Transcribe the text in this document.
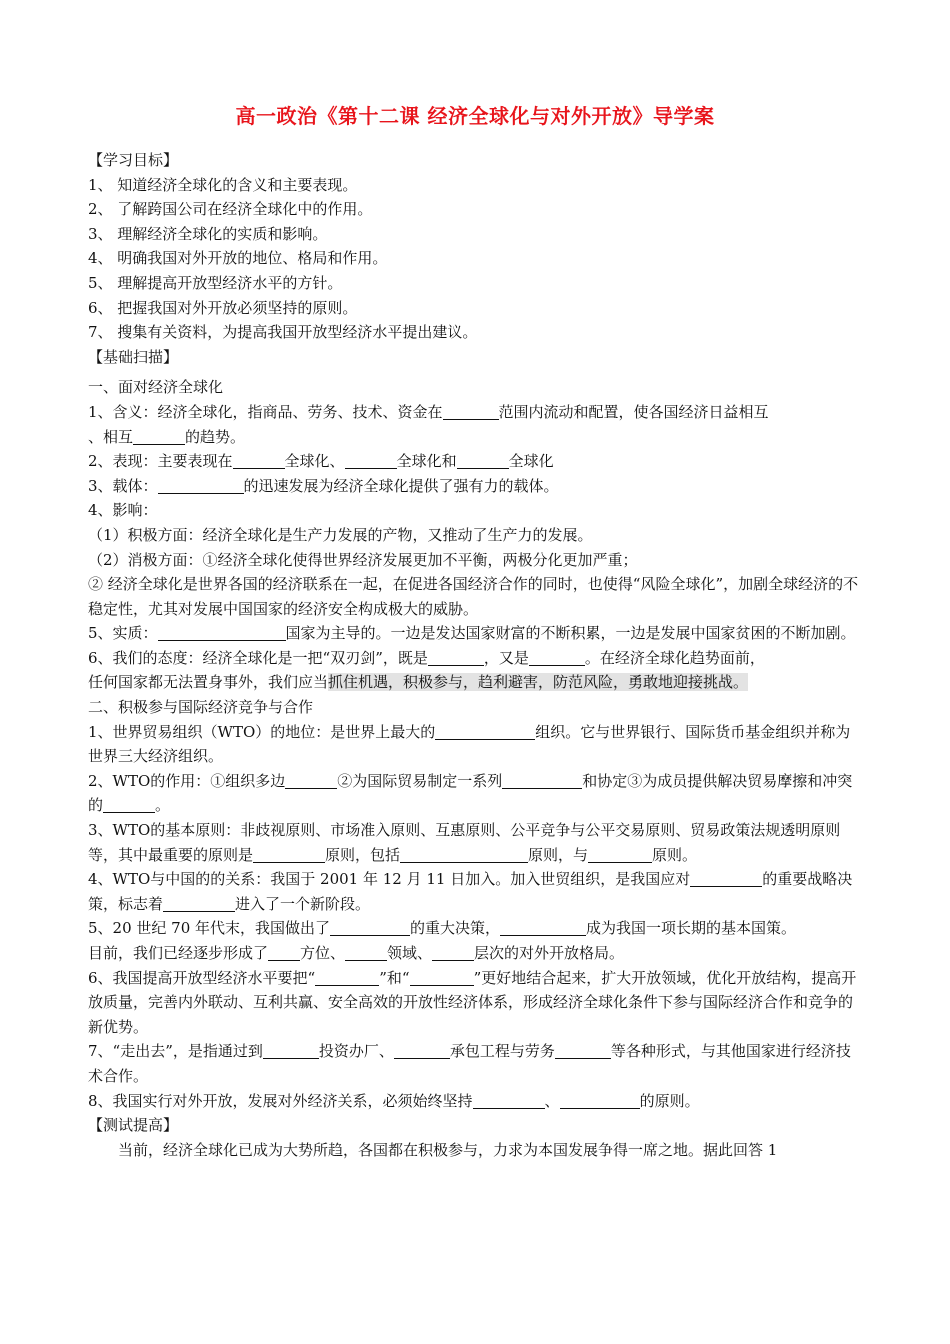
高一政治《第十二课 经济全球化与对外开放》导学案
【学习目标】
1、 知道经济全球化的含义和主要表现。
2、 了解跨国公司在经济全球化中的作用。
3、 理解经济全球化的实质和影响。
4、 明确我国对外开放的地位、格局和作用。
5、 理解提高开放型经济水平的方针。
6、 把握我国对外开放必须坚持的原则。
7、 搜集有关资料，为提高我国开放型经济水平提出建议。
【基础扫描】
一、面对经济全球化
1、含义：经济全球化，指商品、劳务、技术、资金在	范围内流动和配置，使各国经济日益相互
、相互	的趋势。
2、表现：主要表现在	全球化、	全球化和	全球化
3、载体：	的迅速发展为经济全球化提供了强有力的载体。
4、影响：
（1）积极方面：经济全球化是生产力发展的产物，又推动了生产力的发展。
（2）消极方面：①经济全球化使得世界经济发展更加不平衡，两极分化更加严重；
② 经济全球化是世界各国的经济联系在一起，在促进各国经济合作的同时，也使得“风险全球化”，加剧全球经济的不稳定性，尤其对发展中国国家的经济安全构成极大的威胁。
5、实质：	国家为主导的。一边是发达国家财富的不断积累，一边是发展中国家贫困的不断加剧。
6、我们的态度：经济全球化是一把“双刃剑”，既是	，又是	。在经济全球化趋势面前，
任何国家都无法置身事外，我们应当抓住机遇，积极参与，趋利避害，防范风险，勇敢地迎接挑战。
二、积极参与国际经济竞争与合作
1、世界贸易组织（WTO）的地位：是世界上最大的	组织。它与世界银行、国际货币基金组织并称为世界三大经济组织。
2、WTO的作用：①组织多边	②为国际贸易制定一系列	和协定③为成员提供解决贸易摩擦和冲突的	。
3、WTO的基本原则：非歧视原则、市场准入原则、互惠原则、公平竞争与公平交易原则、贸易政策法规透明原则等，其中最重要的原则是	原则，包括	原则，与	原则。
4、WTO与中国的的关系：我国于 2001 年 12 月 11 日加入。加入世贸组织，是我国应对	的重要战略决策，标志着	进入了一个新阶段。
5、20 世纪 70 年代末，我国做出了	的重大决策，	成为我国一项长期的基本国策。
目前，我们已经逐步形成了 方位、	领域、	层次的对外开放格局。
6、我国提高开放型经济水平要把“	”和“	”更好地结合起来，扩大开放领域，优化开放结构，提高开放质量，完善内外联动、互利共赢、安全高效的开放性经济体系，形成经济全球化条件下参与国际经济合作和竞争的新优势。
7、“走出去”，是指通过到	投资办厂、	承包工程与劳务	等各种形式，与其他国家进行经济技术合作。
8、我国实行对外开放，发展对外经济关系，必须始终坚持	、	的原则。
【测试提高】
当前，经济全球化已成为大势所趋，各国都在积极参与，力求为本国发展争得一席之地。据此回答 1
